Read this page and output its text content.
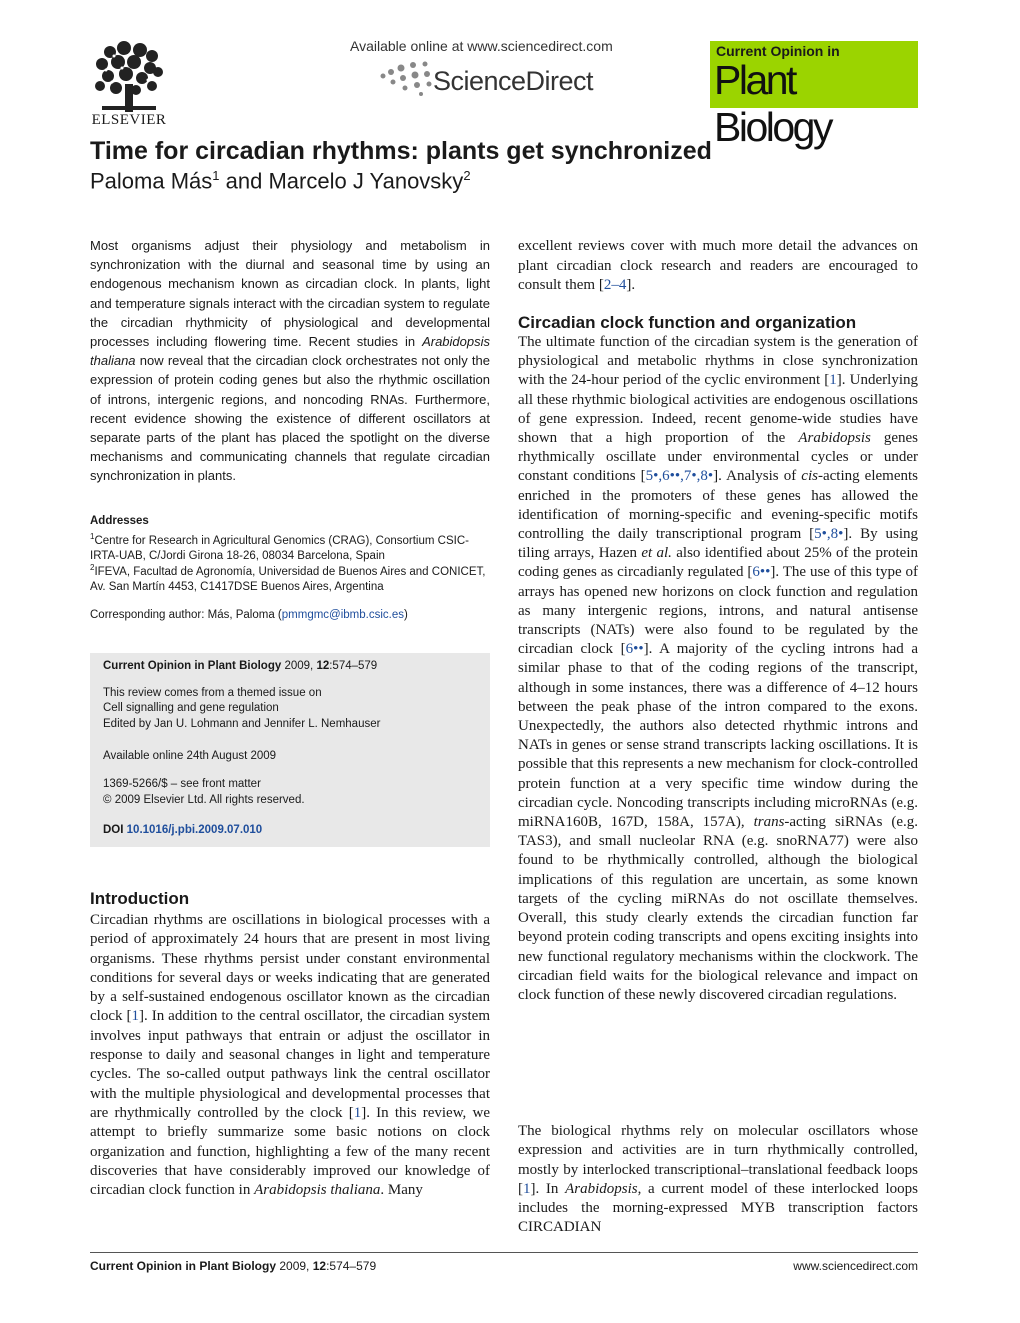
ELSEVIER
Available online at www.sciencedirect.com
ScienceDirect
Current Opinion in
Plant Biology
Time for circadian rhythms: plants get synchronized
Paloma Más$^1$ and Marcelo J Yanovsky$^2$

Most organisms adjust their physiology and metabolism in synchronization with the diurnal and seasonal time by using an endogenous mechanism known as circadian clock. In plants, light and temperature signals interact with the circadian system to regulate the circadian rhythmicity of physiological and developmental processes including flowering time. Recent studies in Arabidopsis thaliana now reveal that the circadian clock orchestrates not only the expression of protein coding genes but also the rhythmic oscillation of introns, intergenic regions, and noncoding RNAs. Furthermore, recent evidence showing the existence of different oscillators at separate parts of the plant has placed the spotlight on the diverse mechanisms and communicating channels that regulate circadian synchronization in plants.

Addresses

$^1$Centre for Research in Agricultural Genomics (CRAG), Consortium CSIC-IRTA-UAB, C/Jordi Girona 18-26, 08034 Barcelona, Spain

$^2$IFEVA, Facultad de Agronomía, Universidad de Buenos Aires and CONICET, Av. San Martín 4453, C1417DSE Buenos Aires, Argentina

Corresponding author: Más, Paloma (pmmgmc@ibmb.csic.es)
Current Opinion in Plant Biology 2009, 12:574–579
This review comes from a themed issue on
Cell signalling and gene regulation
Edited by Jan U. Lohmann and Jennifer L. Nemhauser
Available online 24th August 2009
1369-5266/$ – see front matter
© 2009 Elsevier Ltd. All rights reserved.
DOI 10.1016/j.pbi.2009.07.010
Introduction

Circadian rhythms are oscillations in biological processes with a period of approximately 24 hours that are present in most living organisms. These rhythms persist under constant environmental conditions for several days or weeks indicating that are generated by a self-sustained endogenous oscillator known as the circadian clock [1]. In addition to the central oscillator, the circadian system involves input pathways that entrain or adjust the oscillator in response to daily and seasonal changes in light and temperature cycles. The so-called output pathways link the central oscillator with the multiple physiological and developmental processes that are rhythmically controlled by the clock [1]. In this review, we attempt to briefly summarize some basic notions on clock organization and function, highlighting a few of the many recent discoveries that have considerably improved our knowledge of circadian clock function in Arabidopsis thaliana. Many

excellent reviews cover with much more detail the advances on plant circadian clock research and readers are encouraged to consult them [2–4].

Circadian clock function and organization

The ultimate function of the circadian system is the generation of physiological and metabolic rhythms in close synchronization with the 24-hour period of the cyclic environment [1]. Underlying all these rhythmic biological activities are endogenous oscillations of gene expression. Indeed, recent genome-wide studies have shown that a high proportion of the Arabidopsis genes rhythmically oscillate under environmental cycles or under constant conditions [5•,6••,7•,8•]. Analysis of cis-acting elements enriched in the promoters of these genes has allowed the identification of morning-specific and evening-specific motifs controlling the daily transcriptional program [5•,8•]. By using tiling arrays, Hazen et al. also identified about 25% of the protein coding genes as circadianly regulated [6••]. The use of this type of arrays has opened new horizons on clock function and regulation as many intergenic regions, introns, and natural antisense transcripts (NATs) were also found to be regulated by the circadian clock [6••]. A majority of the cycling introns had a similar phase to that of the coding regions of the transcript, although in some instances, there was a difference of 4–12 hours between the peak phase of the intron compared to the exons. Unexpectedly, the authors also detected rhythmic introns and NATs in genes or sense strand transcripts lacking oscillations. It is possible that this represents a new mechanism for clock-controlled protein function at a very specific time window during the circadian cycle. Noncoding transcripts including microRNAs (e.g. miRNA160B, 167D, 158A, 157A), trans-acting siRNAs (e.g. TAS3), and small nucleolar RNA (e.g. snoRNA77) were also found to be rhythmically controlled, although the biological implications of this regulation are uncertain, as some known targets of the cycling miRNAs do not oscillate themselves. Overall, this study clearly extends the circadian function far beyond protein coding transcripts and opens exciting insights into new functional regulatory mechanisms within the clockwork. The circadian field waits for the biological relevance and impact on clock function of these newly discovered circadian regulations.

The biological rhythms rely on molecular oscillators whose expression and activities are in turn rhythmically controlled, mostly by interlocked transcriptional–translational feedback loops [1]. In Arabidopsis, a current model of these interlocked loops includes the morning-expressed MYB transcription factors CIRCADIAN

Current Opinion in Plant Biology 2009, 12:574–579	www.sciencedirect.com
